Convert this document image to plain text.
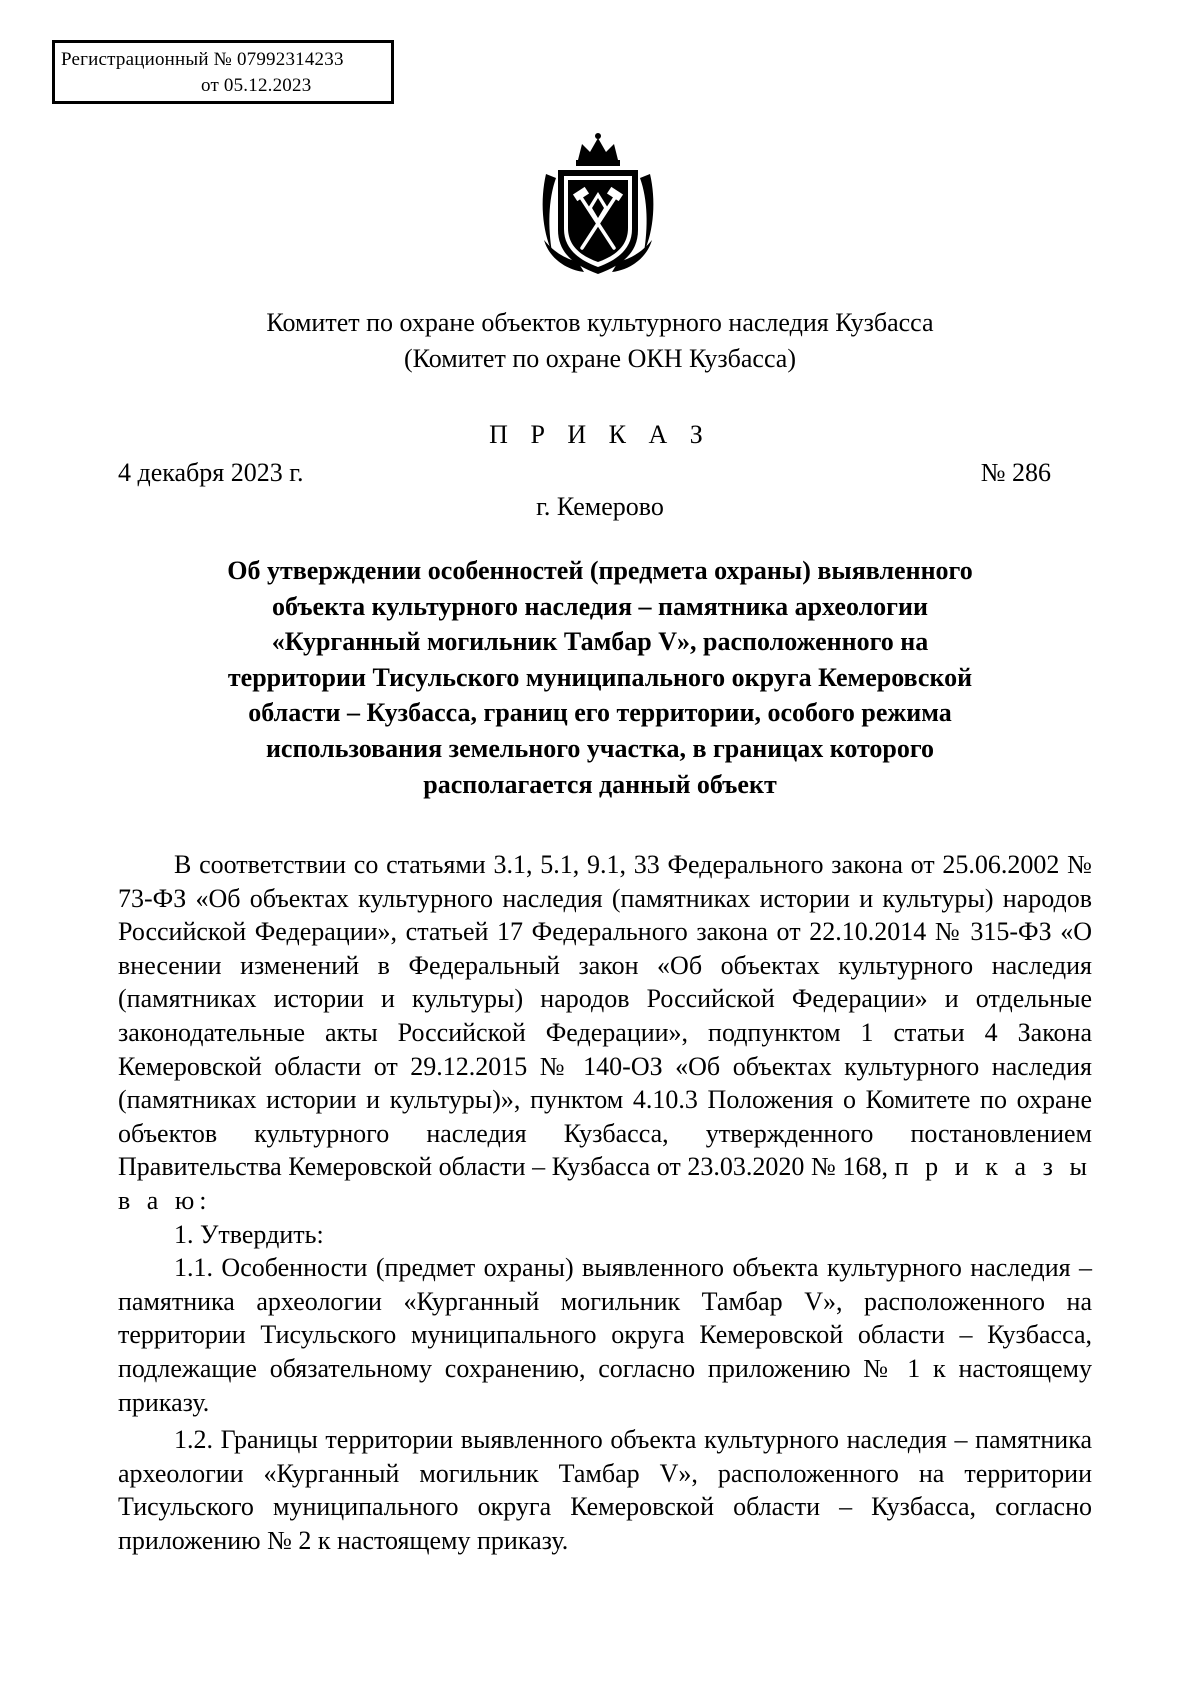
Регистрационный № 07992314233
от 05.12.2023
Комитет по охране объектов культурного наследия Кузбасса
(Комитет по охране ОКН Кузбасса)
П Р И К А З
4 декабря 2023 г.	№ 286
г. Кемерово
Об утверждении особенностей (предмета охраны) выявленного объекта культурного наследия – памятника археологии «Курганный могильник Тамбар V», расположенного на территории Тисульского муниципального округа Кемеровской области – Кузбасса, границ его территории, особого режима использования земельного участка, в границах которого располагается данный объект

В соответствии со статьями 3.1, 5.1, 9.1, 33 Федерального закона от 25.06.2002 № 73-ФЗ «Об объектах культурного наследия (памятниках истории и культуры) народов Российской Федерации», статьей 17 Федерального закона от 22.10.2014 № 315-ФЗ «О внесении изменений в Федеральный закон «Об объектах культурного наследия (памятниках истории и культуры) народов Российской Федерации» и отдельные законодательные акты Российской Федерации», подпунктом 1 статьи 4 Закона Кемеровской области от 29.12.2015 № 140-ОЗ «Об объектах культурного наследия (памятниках истории и культуры)», пунктом 4.10.3 Положения о Комитете по охране объектов культурного наследия Кузбасса, утвержденного постановлением Правительства Кемеровской области – Кузбасса от 23.03.2020 № 168, п р и к а з ы в а ю:

1. Утвердить:

1.1. Особенности (предмет охраны) выявленного объекта культурного наследия – памятника археологии «Курганный могильник Тамбар V», расположенного на территории Тисульского муниципального округа Кемеровской области – Кузбасса, подлежащие обязательному сохранению, согласно приложению № 1 к настоящему приказу.

1.2. Границы территории выявленного объекта культурного наследия – памятника археологии «Курганный могильник Тамбар V», расположенного на территории Тисульского муниципального округа Кемеровской области – Кузбасса, согласно приложению № 2 к настоящему приказу.
